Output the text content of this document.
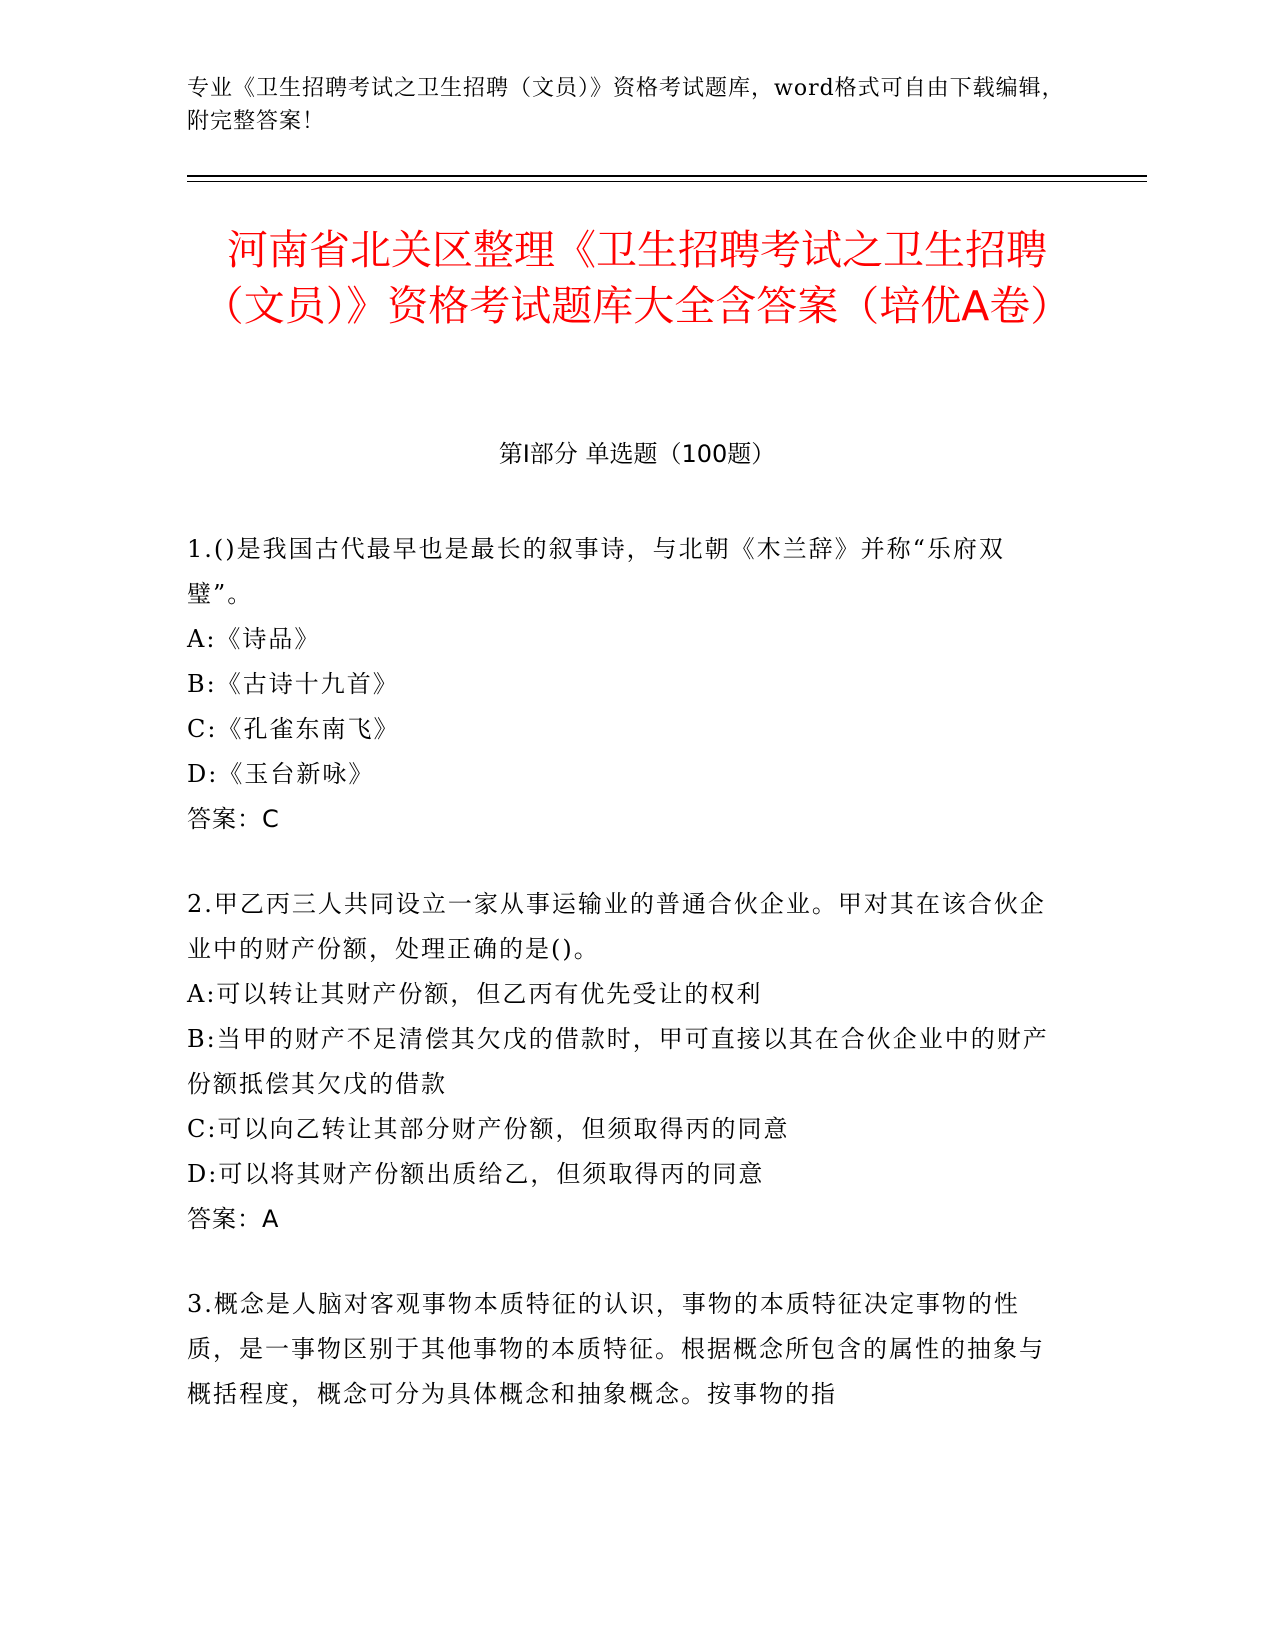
专业《卫生招聘考试之卫生招聘（文员）》资格考试题库，word格式可自由下载编辑，附完整答案！
河南省北关区整理《卫生招聘考试之卫生招聘（文员）》资格考试题库大全含答案（培优A卷）
第Ⅰ部分 单选题（100题）

1.()是我国古代最早也是最长的叙事诗，与北朝《木兰辞》并称“乐府双璧”。

A:《诗品》

B:《古诗十九首》

C:《孔雀东南飞》

D:《玉台新咏》

答案：C

2.甲乙丙三人共同设立一家从事运输业的普通合伙企业。甲对其在该合伙企业中的财产份额，处理正确的是()。

A:可以转让其财产份额，但乙丙有优先受让的权利

B:当甲的财产不足清偿其欠戊的借款时，甲可直接以其在合伙企业中的财产份额抵偿其欠戊的借款

C:可以向乙转让其部分财产份额，但须取得丙的同意

D:可以将其财产份额出质给乙，但须取得丙的同意

答案：A

3.概念是人脑对客观事物本质特征的认识，事物的本质特征决定事物的性质，是一事物区别于其他事物的本质特征。根据概念所包含的属性的抽象与概括程度，概念可分为具体概念和抽象概念。按事物的指
